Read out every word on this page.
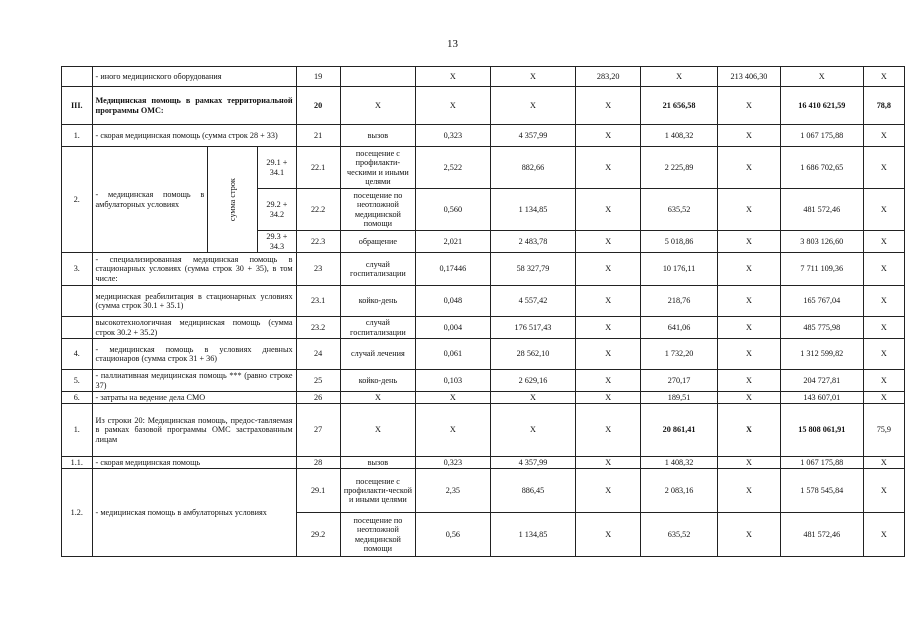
13
	- иного медицинского оборудования			19		X	X	283,20	X	213 406,30	X	X
III.	Медицинская помощь в рамках территориальной программы ОМС:			20	X	X	X	X	21 656,58	X	16 410 621,59	78,8
1.	- скорая медицинская помощь (сумма строк 28 + 33)			21	вызов	0,323	4 357,99	X	1 408,32	X	1 067 175,88	X
2.	- медицинская помощь в амбулаторных условиях	сумма строк	29.1 + 34.1	22.1	посещение с профилакти-ческими и иными целями	2,522	882,66	X	2 225,89	X	1 686 702,65	X
			29.2 + 34.2	22.2	посещение по неотложной медицинской помощи	0,560	1 134,85	X	635,52	X	481 572,46	X
			29.3 + 34.3	22.3	обращение	2,021	2 483,78	X	5 018,86	X	3 803 126,60	X
3.	- специализированная медицинская помощь в стационарных условиях (сумма строк 30 + 35), в том числе:			23	случай госпитализации	0,17446	58 327,79	X	10 176,11	X	7 711 109,36	X
	медицинская реабилитация в стационарных условиях (сумма строк 30.1 + 35.1)			23.1	койко-день	0,048	4 557,42	X	218,76	X	165 767,04	X
	высокотехнологичная медицинская помощь (сумма строк 30.2 + 35.2)			23.2	случай госпитализации	0,004	176 517,43	X	641,06	X	485 775,98	X
4.	- медицинская помощь в условиях дневных стационаров (сумма строк 31 + 36)			24	случай лечения	0,061	28 562,10	X	1 732,20	X	1 312 599,82	X
5.	- паллиативная медицинская помощь *** (равно строке 37)			25	койко-день	0,103	2 629,16	X	270,17	X	204 727,81	X
6.	- затраты на ведение дела СМО			26	X	X	X	X	189,51	X	143 607,01	X
1.	Из строки 20: Медицинская помощь, предос-тавляемая в рамках базовой программы ОМС застрахованным лицам			27	X	X	X	X	20 861,41	X	15 808 061,91	75,9
1.1.	- скорая медицинская помощь			28	вызов	0,323	4 357,99	X	1 408,32	X	1 067 175,88	X
1.2.	- медицинская помощь в амбулаторных условиях			29.1	посещение с профилакти-ческой и иными целями	2,35	886,45	X	2 083,16	X	1 578 545,84	X
				29.2	посещение по неотложной медицинской помощи	0,56	1 134,85	X	635,52	X	481 572,46	X
